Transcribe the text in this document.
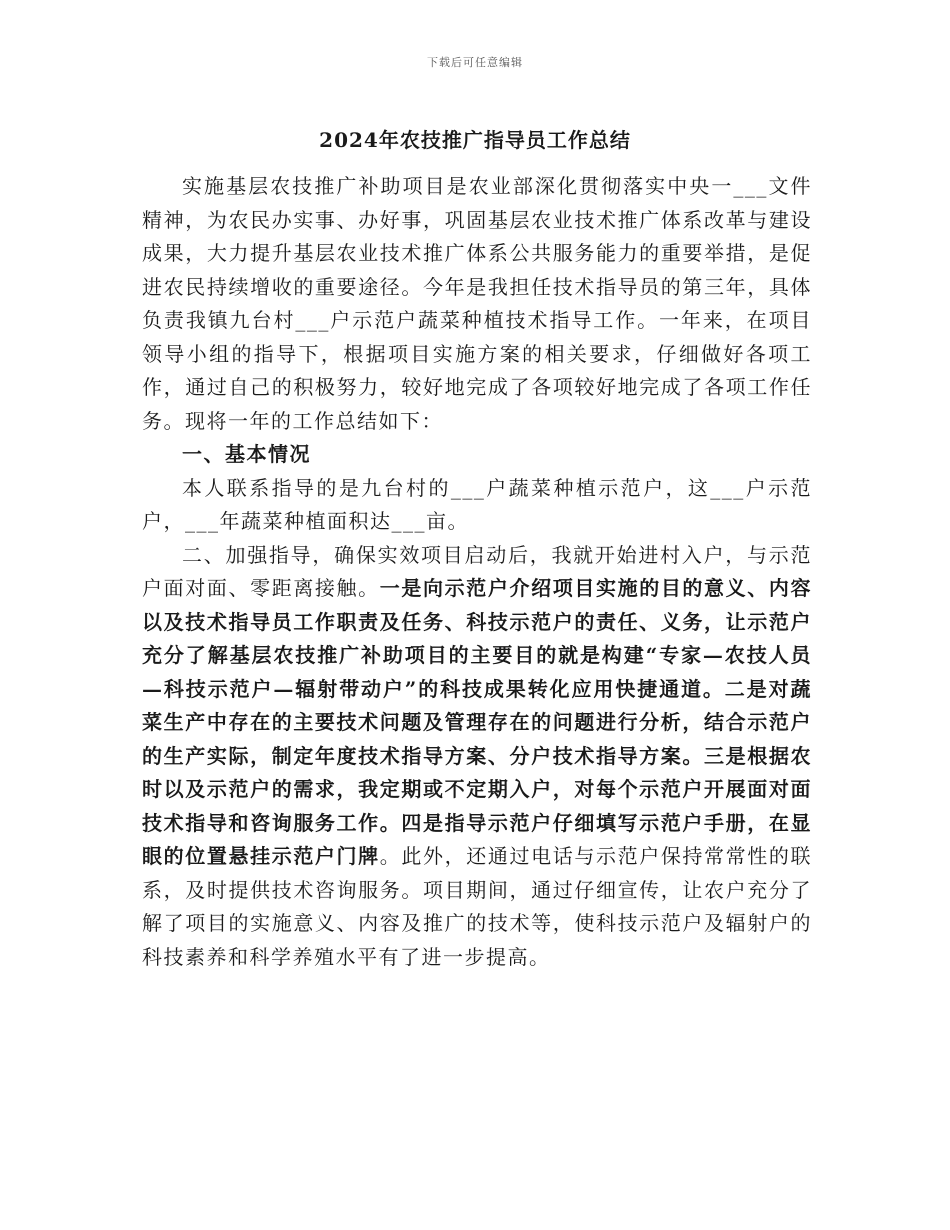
下载后可任意编辑
2024年农技推广指导员工作总结

实施基层农技推广补助项目是农业部深化贯彻落实中央一___文件精神，为农民办实事、办好事，巩固基层农业技术推广体系改革与建设成果，大力提升基层农业技术推广体系公共服务能力的重要举措，是促进农民持续增收的重要途径。今年是我担任技术指导员的第三年，具体负责我镇九台村___户示范户蔬菜种植技术指导工作。一年来，在项目领导小组的指导下，根据项目实施方案的相关要求，仔细做好各项工作，通过自己的积极努力，较好地完成了各项较好地完成了各项工作任务。现将一年的工作总结如下：

一、基本情况

本人联系指导的是九台村的___户蔬菜种植示范户，这___户示范户，___年蔬菜种植面积达___亩。

二、加强指导，确保实效项目启动后，我就开始进村入户，与示范户面对面、零距离接触。一是向示范户介绍项目实施的目的意义、内容以及技术指导员工作职责及任务、科技示范户的责任、义务，让示范户充分了解基层农技推广补助项目的主要目的就是构建“专家—农技人员—科技示范户—辐射带动户”的科技成果转化应用快捷通道。二是对蔬菜生产中存在的主要技术问题及管理存在的问题进行分析，结合示范户的生产实际，制定年度技术指导方案、分户技术指导方案。三是根据农时以及示范户的需求，我定期或不定期入户，对每个示范户开展面对面技术指导和咨询服务工作。四是指导示范户仔细填写示范户手册，在显眼的位置悬挂示范户门牌。此外，还通过电话与示范户保持常常性的联系，及时提供技术咨询服务。项目期间，通过仔细宣传，让农户充分了解了项目的实施意义、内容及推广的技术等，使科技示范户及辐射户的科技素养和科学养殖水平有了进一步提高。
